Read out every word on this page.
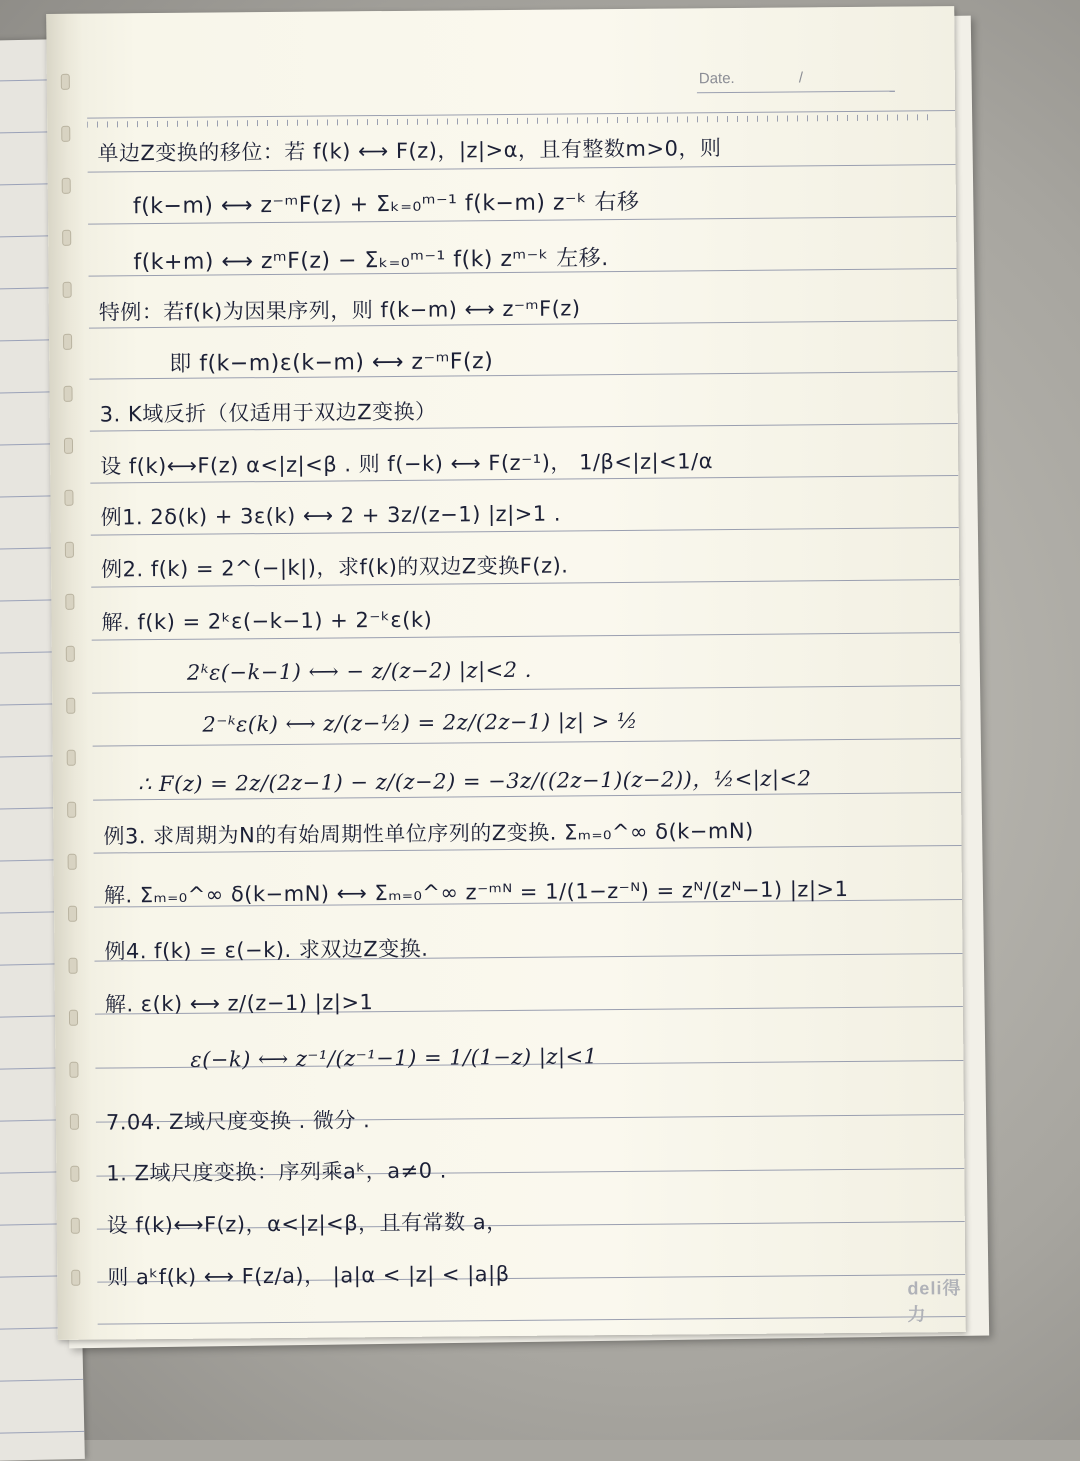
Date.	/
单边Z变换的移位：若 f(k) ⟷ F(z)，|z|>α，且有整数m>0，则
f(k−m) ⟷ z⁻ᵐF(z) + Σₖ₌₀ᵐ⁻¹ f(k−m) z⁻ᵏ 右移
f(k+m) ⟷ zᵐF(z) − Σₖ₌₀ᵐ⁻¹ f(k) zᵐ⁻ᵏ 左移.
特例：若f(k)为因果序列，则 f(k−m) ⟷ z⁻ᵐF(z)
即 f(k−m)ε(k−m) ⟷ z⁻ᵐF(z)
3. K域反折（仅适用于双边Z变换）
设 f(k)⟷F(z) α<|z|<β . 则 f(−k) ⟷ F(z⁻¹)， 1/β<|z|<1/α
例1. 2δ(k) + 3ε(k) ⟷ 2 + 3z/(z−1) |z|>1 .
例2. f(k) = 2^(−|k|)，求f(k)的双边Z变换F(z).
解. f(k) = 2ᵏε(−k−1) + 2⁻ᵏε(k)
2ᵏε(−k−1) ⟷ − z/(z−2) |z|<2 .
2⁻ᵏε(k) ⟷ z/(z−½) = 2z/(2z−1) |z| > ½
∴ F(z) = 2z/(2z−1) − z/(z−2) = −3z/((2z−1)(z−2))，½<|z|<2
例3. 求周期为N的有始周期性单位序列的Z变换. Σₘ₌₀^∞ δ(k−mN)
解. Σₘ₌₀^∞ δ(k−mN) ⟷ Σₘ₌₀^∞ z⁻ᵐᴺ = 1/(1−z⁻ᴺ) = zᴺ/(zᴺ−1) |z|>1
例4. f(k) = ε(−k). 求双边Z变换.
解. ε(k) ⟷ z/(z−1) |z|>1
ε(−k) ⟷ z⁻¹/(z⁻¹−1) = 1/(1−z) |z|<1
7.04. Z域尺度变换 . 微分 .
1. Z域尺度变换：序列乘aᵏ，a≠0 .
设 f(k)⟷F(z)，α<|z|<β，且有常数 a，
则 aᵏf(k) ⟷ F(z/a)， |a|α < |z| < |a|β	deli得力
